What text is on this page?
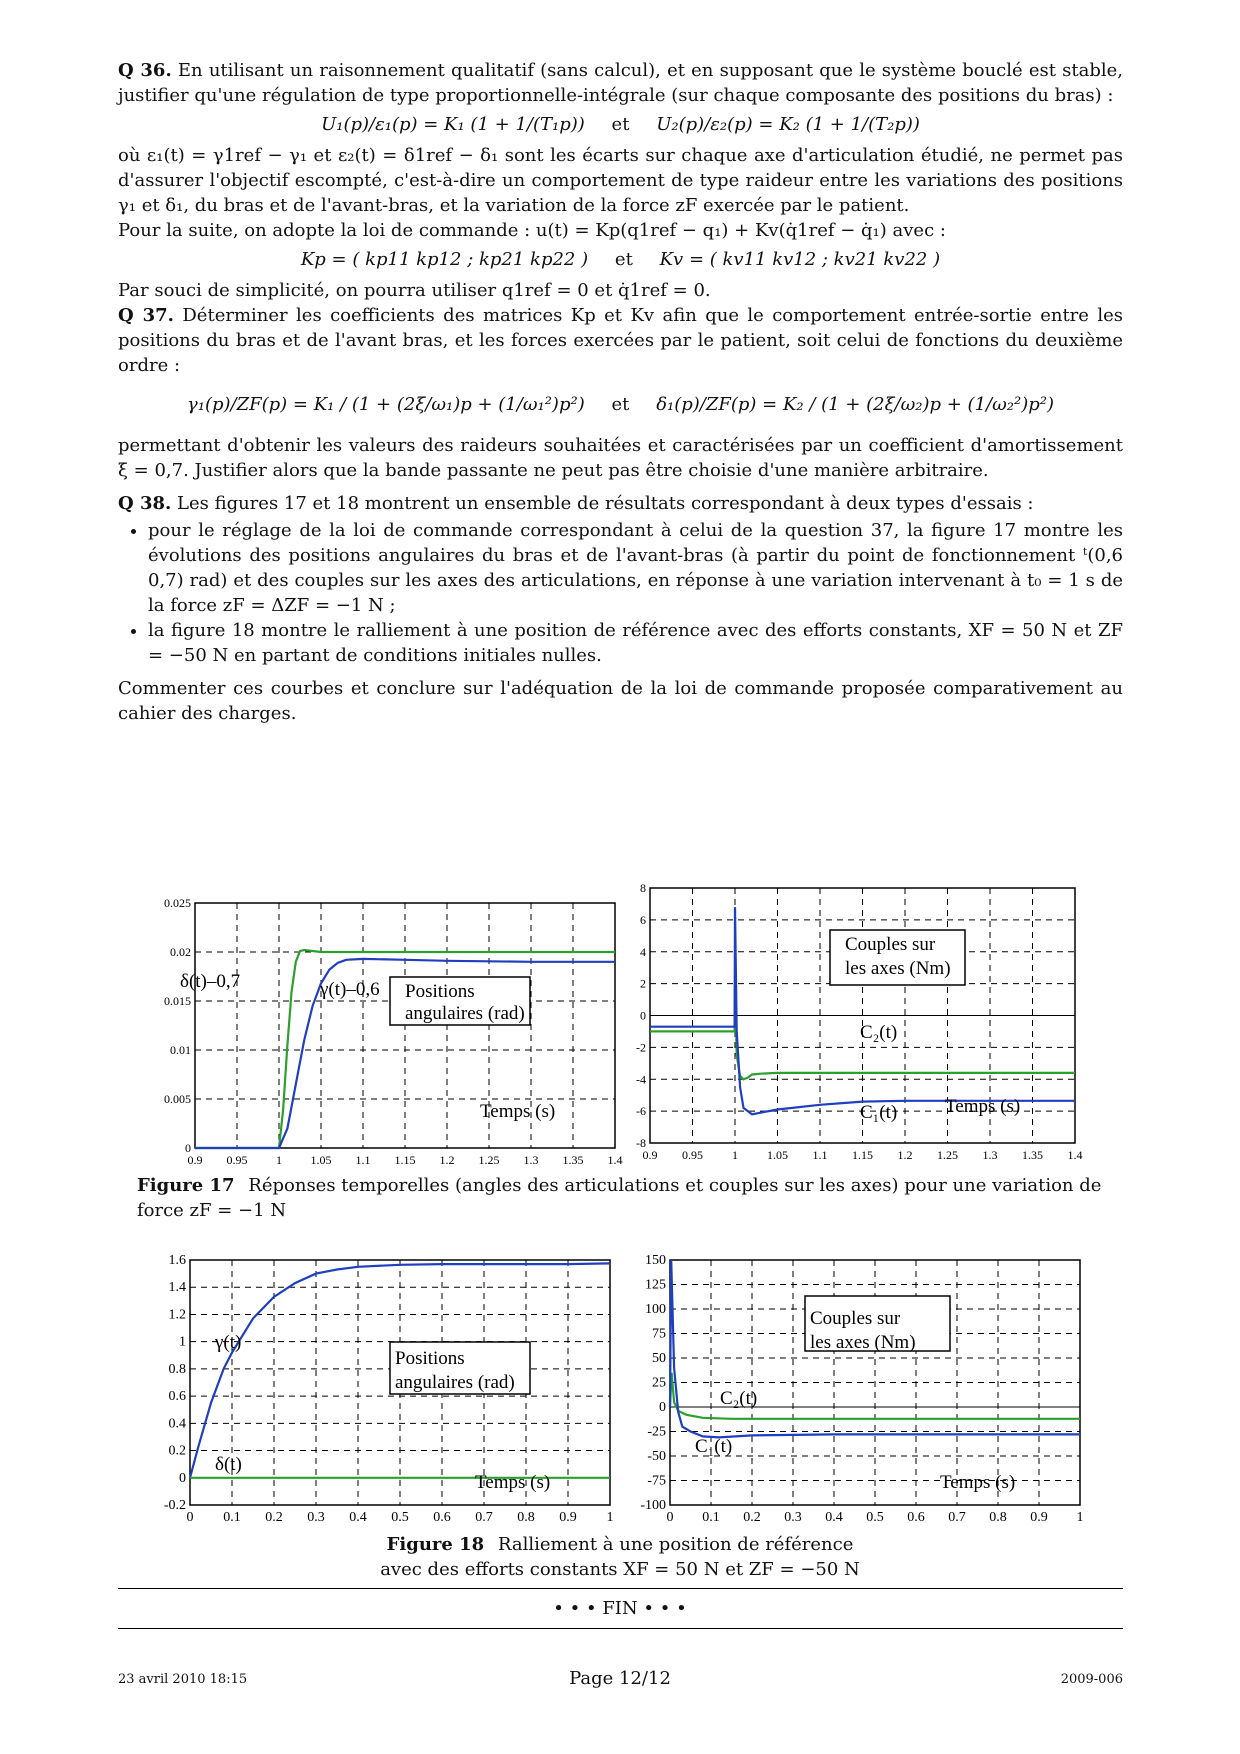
Q 36. En utilisant un raisonnement qualitatif (sans calcul), et en supposant que le système bouclé est stable, justifier qu'une régulation de type proportionnelle-intégrale (sur chaque composante des positions du bras) :

U₁(p)/ε₁(p) = K₁ (1 + 1/(T₁p)) et U₂(p)/ε₂(p) = K₂ (1 + 1/(T₂p))

où ε₁(t) = γ1ref − γ₁ et ε₂(t) = δ1ref − δ₁ sont les écarts sur chaque axe d'articulation étudié, ne permet pas d'assurer l'objectif escompté, c'est-à-dire un comportement de type raideur entre les variations des positions γ₁ et δ₁, du bras et de l'avant-bras, et la variation de la force zF exercée par le patient.

Pour la suite, on adopte la loi de commande : u(t) = Kp(q1ref − q₁) + Kv(q̇1ref − q̇₁) avec :

Kp = ( kp11 kp12 ; kp21 kp22 ) et Kv = ( kv11 kv12 ; kv21 kv22 )

Par souci de simplicité, on pourra utiliser q1ref = 0 et q̇1ref = 0.

Q 37. Déterminer les coefficients des matrices Kp et Kv afin que le comportement entrée-sortie entre les positions du bras et de l'avant bras, et les forces exercées par le patient, soit celui de fonctions du deuxième ordre :

γ₁(p)/ZF(p) = K₁ / (1 + (2ξ/ω₁)p + (1/ω₁²)p²) et δ₁(p)/ZF(p) = K₂ / (1 + (2ξ/ω₂)p + (1/ω₂²)p²)

permettant d'obtenir les valeurs des raideurs souhaitées et caractérisées par un coefficient d'amortissement ξ = 0,7. Justifier alors que la bande passante ne peut pas être choisie d'une manière arbitraire.

Q 38. Les figures 17 et 18 montrent un ensemble de résultats correspondant à deux types d'essais :

• pour le réglage de la loi de commande correspondant à celui de la question 37, la figure 17 montre les évolutions des positions angulaires du bras et de l'avant-bras (à partir du point de fonctionnement ᵗ(0,6 0,7) rad) et des couples sur les axes des articulations, en réponse à une variation intervenant à t₀ = 1 s de la force zF = ΔZF = −1 N ;
• la figure 18 montre le ralliement à une position de référence avec des efforts constants, XF = 50 N et ZF = −50 N en partant de conditions initiales nulles.

Commenter ces courbes et conclure sur l'adéquation de la loi de commande proposée comparativement au cahier des charges.

0.9 0.95 1 1.05 1.1 1.15 1.2 1.25 1.3 1.35 1.4
0
0.005
0.01
0.015
0.02
0.025
δ(t)–0,7	γ(t)–0,6 Positions
angulaires (rad)
Temps (s)
0.9 0.95 1 1.05 1.1 1.15 1.2 1.25 1.3 1.35 1.4
-8
-6
-4
-2
0
2
4
6
8
C₂(t)
C₁(t)
Couples sur
les axes (Nm)
Temps (s)
Figure 17 Réponses temporelles (angles des articulations et couples sur les axes) pour une variation de force zF = −1 N
0 0.1 0.2 0.3 0.4 0.5 0.6 0.7 0.8 0.9 1
-0.2
0
0.2
0.4
0.6
0.8
1
1.2
1.4
1.6
γ(t)
δ(t)
Positions
angulaires (rad)
Temps (s)
0 0.1 0.2 0.3 0.4 0.5 0.6 0.7 0.8 0.9 1
-100
-75
-50
-25
0
25
50
75
100
125
150
C₂(t)
C₁(t)
Couples sur
les axes (Nm)
Temps (s)
Figure 18 Ralliement à une position de référence
avec des efforts constants XF = 50 N et ZF = −50 N
• • • FIN • • •
23 avril 2010 18:15	Page 12/12	2009-006
